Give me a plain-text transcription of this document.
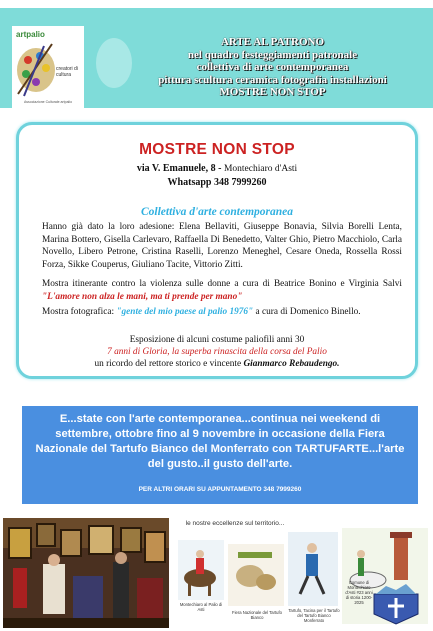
artpalio
creatori di cultura
Associazione Culturale artpalio
ARTE AL PATRONO
nel quadro festeggiamenti patronale
collettiva di arte contemporanea
pittura scultura ceramica fotografia installazioni
MOSTRE NON STOP
MOSTRE NON STOP
via V. Emanuele, 8 - Montechiaro d'Asti
Whatsapp 348 7999260
Collettiva d'arte contemporanea
Hanno già dato la loro adesione: Elena Bellaviti, Giuseppe Bonavia, Silvia Borelli Lenta, Marina Bottero, Gisella Carlevaro, Raffaella Di Benedetto, Valter Ghio, Pietro Macchiolo, Carla Novello, Libero Petrone, Cristina Raselli, Lorenzo Meneghel, Cesare Oneda, Rossella Rossi Forza, Sikke Couperus, Giuliano Tacite, Vittorio Zitti.
Mostra itinerante contro la violenza sulle donne a cura di Beatrice Bonino e Virginia Salvi "L'amore non alza le mani, ma ti prende per mano"
Mostra fotografica: "gente del mio paese al palio 1976" a cura di Domenico Binello.
Esposizione di alcuni costume paliofili anni 30
7 anni di Gloria, la superba rinascita della corsa del Palio
un ricordo del rettore storico e vincente Gianmarco Rebaudengo.
E...state con l'arte contemporanea...continua nei weekend di settembre, ottobre fino al 9 novembre in occasione della Fiera Nazionale del Tartufo Bianco del Monferrato con TARTUFARTE...l'arte del gusto..il gusto dell'arte.
PER ALTRI ORARI SU APPUNTAMENTO 348 7999260
le nostre eccellenze sul territorio...
Montechiaro al Palio di Asti
Fiera Nazionale del Tartufo Bianco
Tartufo, Tacina per il Tartufo del Tartufo Bianco Monferrato
Comune di Montechiaro d'Asti #23 anni di storia 1200-2025
